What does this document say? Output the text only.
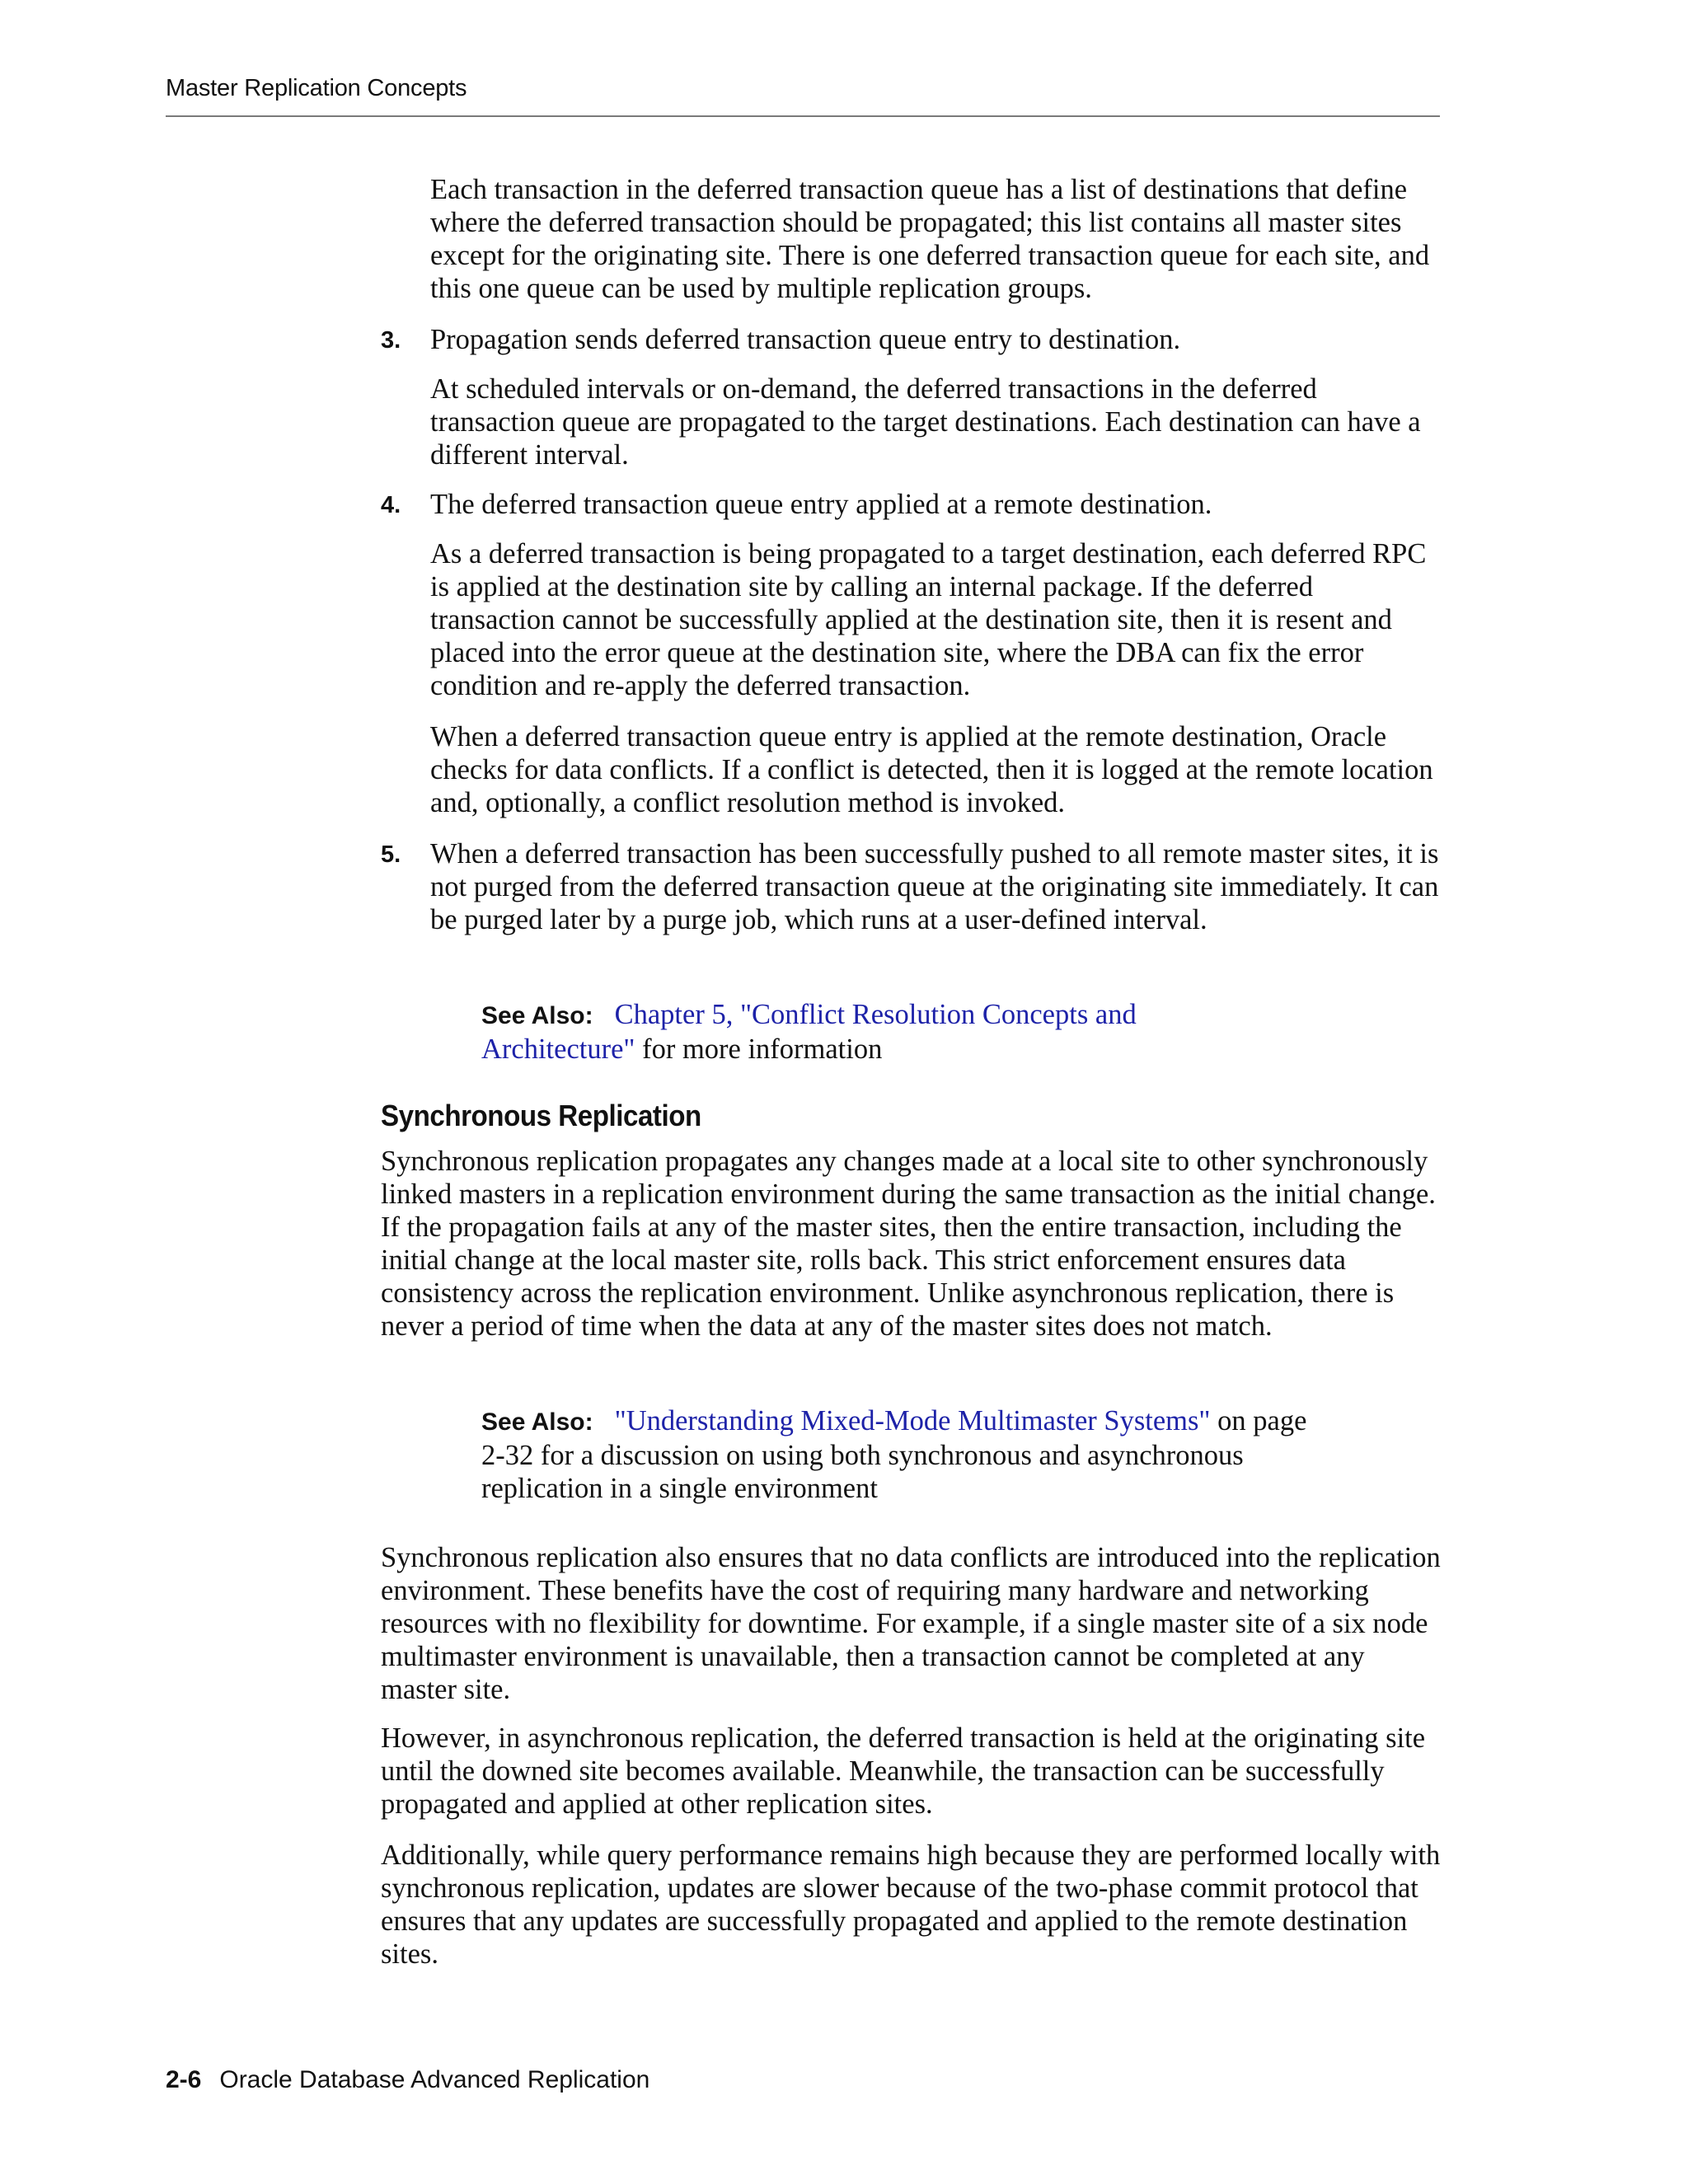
Master Replication Concepts

Each transaction in the deferred transaction queue has a list of destinations that define where the deferred transaction should be propagated; this list contains all master sites except for the originating site. There is one deferred transaction queue for each site, and this one queue can be used by multiple replication groups.

3. Propagation sends deferred transaction queue entry to destination.

At scheduled intervals or on-demand, the deferred transactions in the deferred transaction queue are propagated to the target destinations. Each destination can have a different interval.

4. The deferred transaction queue entry applied at a remote destination.

As a deferred transaction is being propagated to a target destination, each deferred RPC is applied at the destination site by calling an internal package. If the deferred transaction cannot be successfully applied at the destination site, then it is resent and placed into the error queue at the destination site, where the DBA can fix the error condition and re-apply the deferred transaction.

When a deferred transaction queue entry is applied at the remote destination, Oracle checks for data conflicts. If a conflict is detected, then it is logged at the remote location and, optionally, a conflict resolution method is invoked.

5. When a deferred transaction has been successfully pushed to all remote master sites, it is not purged from the deferred transaction queue at the originating site immediately. It can be purged later by a purge job, which runs at a user-defined interval.

See Also: Chapter 5, "Conflict Resolution Concepts and Architecture" for more information

Synchronous Replication

Synchronous replication propagates any changes made at a local site to other synchronously linked masters in a replication environment during the same transaction as the initial change. If the propagation fails at any of the master sites, then the entire transaction, including the initial change at the local master site, rolls back. This strict enforcement ensures data consistency across the replication environment. Unlike asynchronous replication, there is never a period of time when the data at any of the master sites does not match.

See Also: "Understanding Mixed-Mode Multimaster Systems" on page 2-32 for a discussion on using both synchronous and asynchronous replication in a single environment

Synchronous replication also ensures that no data conflicts are introduced into the replication environment. These benefits have the cost of requiring many hardware and networking resources with no flexibility for downtime. For example, if a single master site of a six node multimaster environment is unavailable, then a transaction cannot be completed at any master site.

However, in asynchronous replication, the deferred transaction is held at the originating site until the downed site becomes available. Meanwhile, the transaction can be successfully propagated and applied at other replication sites.

Additionally, while query performance remains high because they are performed locally with synchronous replication, updates are slower because of the two-phase commit protocol that ensures that any updates are successfully propagated and applied to the remote destination sites.

2-6 Oracle Database Advanced Replication
